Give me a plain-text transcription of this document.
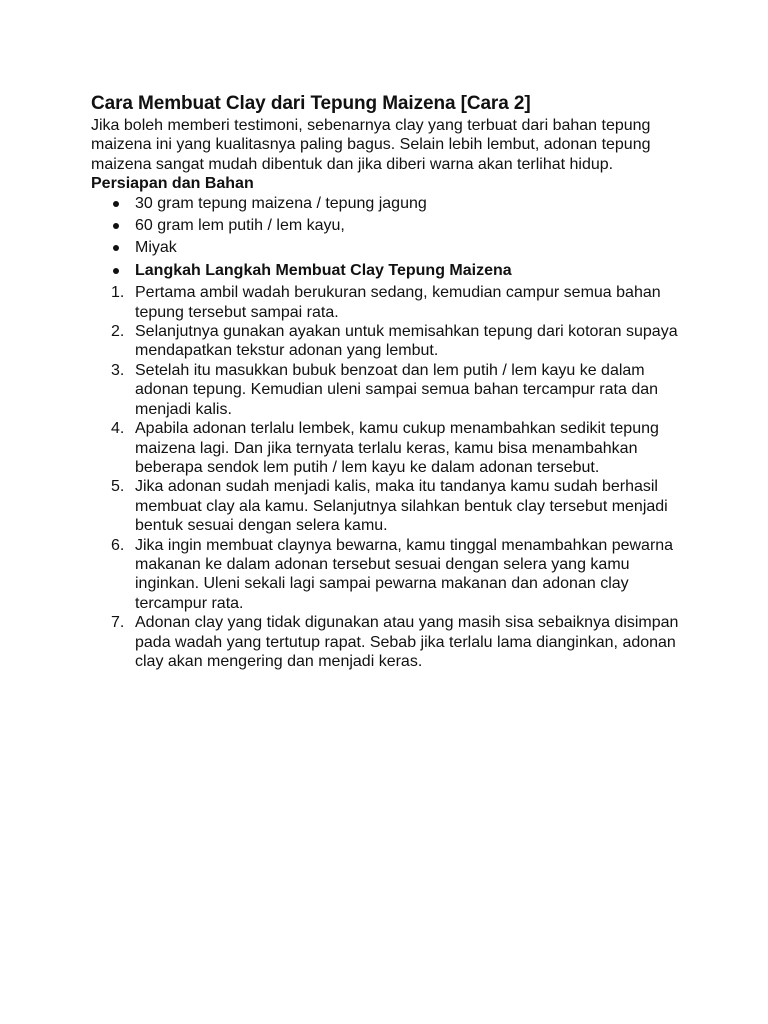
Cara Membuat Clay dari Tepung Maizena [Cara 2]

Jika boleh memberi testimoni, sebenarnya clay yang terbuat dari bahan tepung maizena ini yang kualitasnya paling bagus. Selain lebih lembut, adonan tepung maizena sangat mudah dibentuk dan jika diberi warna akan terlihat hidup.

Persiapan dan Bahan

30 gram tepung maizena / tepung jagung
60 gram lem putih / lem kayu,
Miyak
Langkah Langkah Membuat Clay Tepung Maizena
1. Pertama ambil wadah berukuran sedang, kemudian campur semua bahan tepung tersebut sampai rata.
2. Selanjutnya gunakan ayakan untuk memisahkan tepung dari kotoran supaya mendapatkan tekstur adonan yang lembut.
3. Setelah itu masukkan bubuk benzoat dan lem putih / lem kayu ke dalam adonan tepung. Kemudian uleni sampai semua bahan tercampur rata dan menjadi kalis.
4. Apabila adonan terlalu lembek, kamu cukup menambahkan sedikit tepung maizena lagi. Dan jika ternyata terlalu keras, kamu bisa menambahkan beberapa sendok lem putih / lem kayu ke dalam adonan tersebut.
5. Jika adonan sudah menjadi kalis, maka itu tandanya kamu sudah berhasil membuat clay ala kamu. Selanjutnya silahkan bentuk clay tersebut menjadi bentuk sesuai dengan selera kamu.
6. Jika ingin membuat claynya bewarna, kamu tinggal menambahkan pewarna makanan ke dalam adonan tersebut sesuai dengan selera yang kamu inginkan. Uleni sekali lagi sampai pewarna makanan dan adonan clay tercampur rata.
7. Adonan clay yang tidak digunakan atau yang masih sisa sebaiknya disimpan pada wadah yang tertutup rapat. Sebab jika terlalu lama dianginkan, adonan clay akan mengering dan menjadi keras.
